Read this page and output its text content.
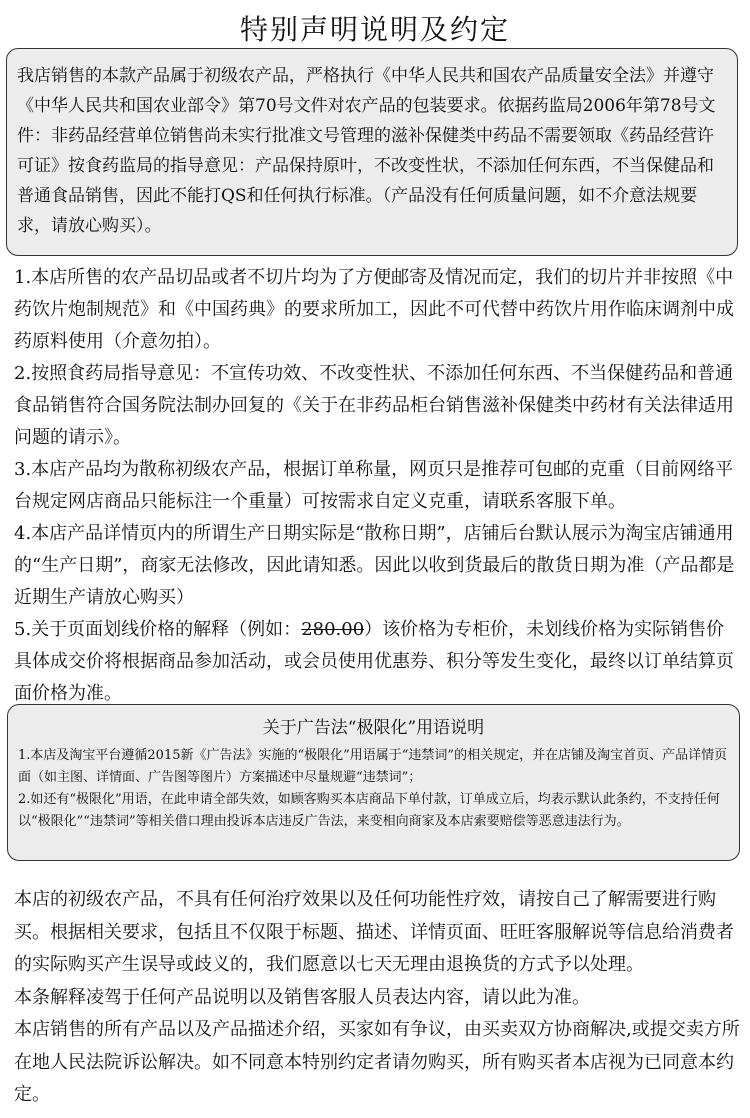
特别声明说明及约定
我店销售的本款产品属于初级农产品，严格执行《中华人民共和国农产品质量安全法》并遵守《中华人民共和国农业部令》第70号文件对农产品的包装要求。依据药监局2006年第78号文件：非药品经营单位销售尚未实行批准文号管理的滋补保健类中药品不需要领取《药品经营许可证》按食药监局的指导意见：产品保持原叶，不改变性状，不添加任何东西，不当保健品和普通食品销售，因此不能打QS和任何执行标准。（产品没有任何质量问题，如不介意法规要求，请放心购买）。

1.本店所售的农产品切品或者不切片均为了方便邮寄及情况而定，我们的切片并非按照《中药饮片炮制规范》和《中国药典》的要求所加工，因此不可代替中药饮片用作临床调剂中成药原料使用（介意勿拍）。

2.按照食药局指导意见：不宣传功效、不改变性状、不添加任何东西、不当保健药品和普通食品销售符合国务院法制办回复的《关于在非药品柜台销售滋补保健类中药材有关法律适用问题的请示》。

3.本店产品均为散称初级农产品，根据订单称量，网页只是推荐可包邮的克重（目前网络平台规定网店商品只能标注一个重量）可按需求自定义克重，请联系客服下单。

4.本店产品详情页内的所谓生产日期实际是“散称日期”，店铺后台默认展示为淘宝店铺通用的“生产日期”，商家无法修改，因此请知悉。因此以收到货最后的散货日期为准（产品都是近期生产请放心购买）

5.关于页面划线价格的解释（例如：280.00）该价格为专柜价，未划线价格为实际销售价具体成交价将根据商品参加活动，或会员使用优惠券、积分等发生变化，最终以订单结算页面价格为准。

关于广告法“极限化”用语说明

1.本店及淘宝平台遵循2015新《广告法》实施的“极限化”用语属于“违禁词”的相关规定，并在店铺及淘宝首页、产品详情页面（如主图、详情面、广告图等图片）方案描述中尽量规避“违禁词”；

2.如还有“极限化”用语，在此申请全部失效，如顾客购买本店商品下单付款，订单成立后，均表示默认此条约，不支持任何以“极限化”“违禁词”等相关借口理由投诉本店违反广告法，来变相向商家及本店索要赔偿等恶意违法行为。

本店的初级农产品，不具有任何治疗效果以及任何功能性疗效，请按自己了解需要进行购买。根据相关要求，包括且不仅限于标题、描述、详情页面、旺旺客服解说等信息给消费者的实际购买产生误导或歧义的，我们愿意以七天无理由退换货的方式予以处理。

本条解释凌驾于任何产品说明以及销售客服人员表达内容，请以此为准。

本店销售的所有产品以及产品描述介绍，买家如有争议，由买卖双方协商解决,或提交卖方所在地人民法院诉讼解决。如不同意本特别约定者请勿购买，所有购买者本店视为已同意本约定。
